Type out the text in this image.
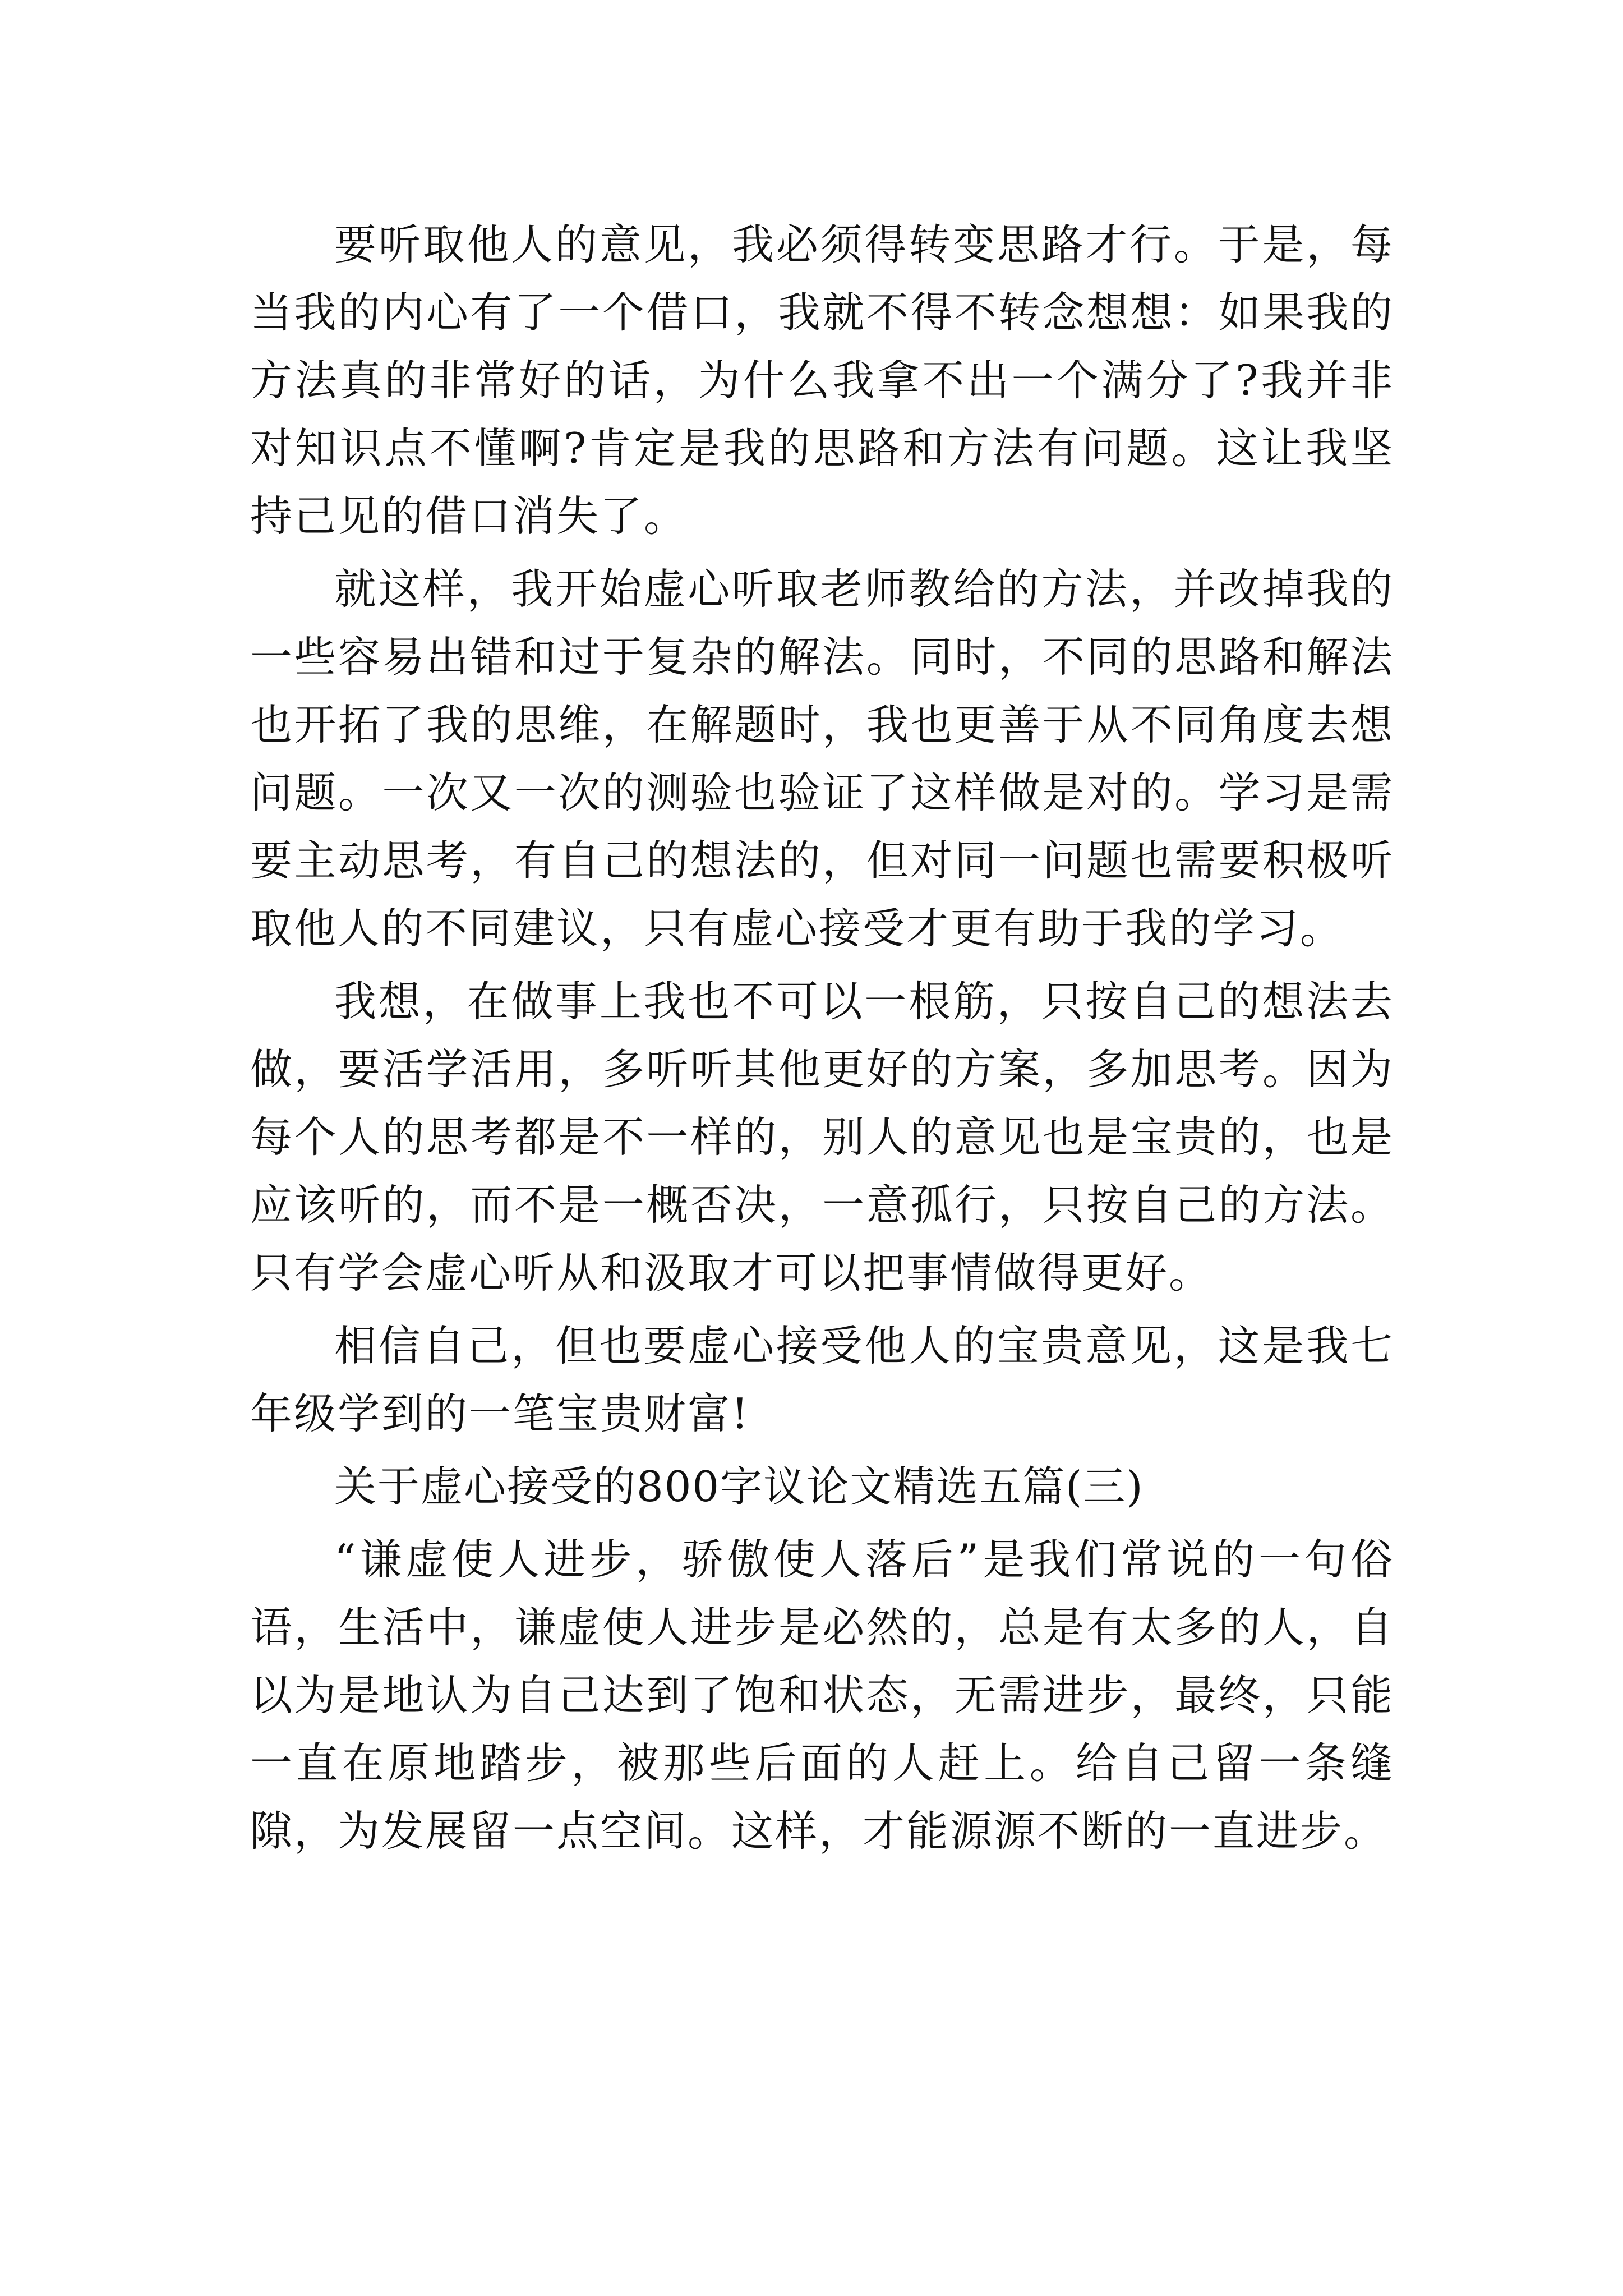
要听取他人的意见，我必须得转变思路才行。于是，每当我的内心有了一个借口，我就不得不转念想想：如果我的方法真的非常好的话，为什么我拿不出一个满分了?我并非对知识点不懂啊?肯定是我的思路和方法有问题。这让我坚持己见的借口消失了。

就这样，我开始虚心听取老师教给的方法，并改掉我的一些容易出错和过于复杂的解法。同时，不同的思路和解法也开拓了我的思维，在解题时，我也更善于从不同角度去想问题。一次又一次的测验也验证了这样做是对的。学习是需要主动思考，有自己的想法的，但对同一问题也需要积极听取他人的不同建议，只有虚心接受才更有助于我的学习。

我想，在做事上我也不可以一根筋，只按自己的想法去做，要活学活用，多听听其他更好的方案，多加思考。因为每个人的思考都是不一样的，别人的意见也是宝贵的，也是应该听的，而不是一概否决，一意孤行，只按自己的方法。只有学会虚心听从和汲取才可以把事情做得更好。

相信自己，但也要虚心接受他人的宝贵意见，这是我七年级学到的一笔宝贵财富!

关于虚心接受的800字议论文精选五篇(三)

“谦虚使人进步，骄傲使人落后”是我们常说的一句俗语，生活中，谦虚使人进步是必然的，总是有太多的人，自以为是地认为自己达到了饱和状态，无需进步，最终，只能一直在原地踏步，被那些后面的人赶上。给自己留一条缝隙，为发展留一点空间。这样，才能源源不断的一直进步。
